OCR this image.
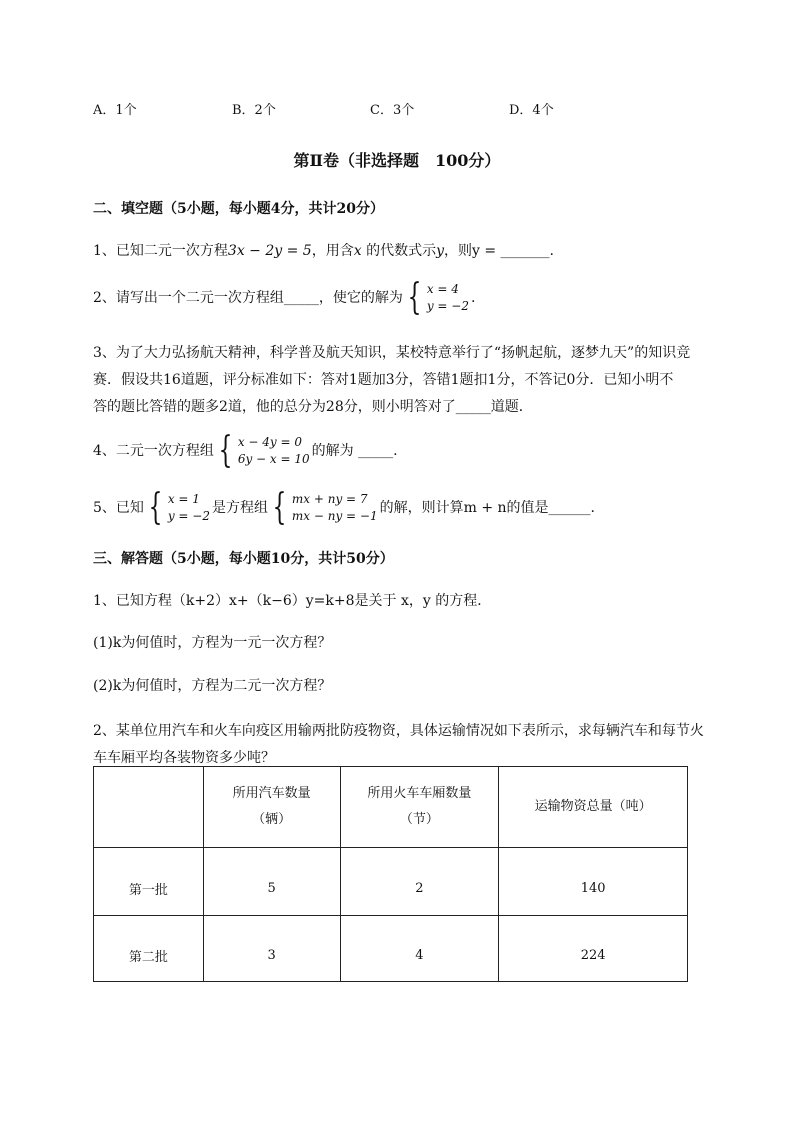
A．1个	B．2个	C．3个	D．4个
第Ⅱ卷（非选择题　100分）
二、填空题（5小题，每小题4分，共计20分）
1、已知二元一次方程3x − 2y = 5，用含x 的代数式示y，则y = _______.
2、请写出一个二元一次方程组_____，使它的解为 { x = 4
y = −2 .
3、为了大力弘扬航天精神，科学普及航天知识，某校特意举行了“扬帆起航，逐梦九天”的知识竞
赛．假设共16道题，评分标准如下：答对1题加3分，答错1题扣1分，不答记0分．已知小明不
答的题比答错的题多2道，他的总分为28分，则小明答对了_____道题．
4、二元一次方程组 { x − 4y = 0
6y − x = 10 的解为 _____.
5、已知 { x = 1
y = −2 是方程组 { mx + ny = 7
mx − ny = −1 的解，则计算m + n的值是______.
三、解答题（5小题，每小题10分，共计50分）
1、已知方程（k+2）x+（k−6）y=k+8是关于 x，y 的方程．
(1)k为何值时，方程为一元一次方程？
(2)k为何值时，方程为二元一次方程？
2、某单位用汽车和火车向疫区用输两批防疫物资，具体运输情况如下表所示，求每辆汽车和每节火
车车厢平均各装物资多少吨？

	所用汽车数量
（辆）	所用火车车厢数量
（节）	运输物资总量（吨）

第一批	5	2	140
第二批	3	4	224
